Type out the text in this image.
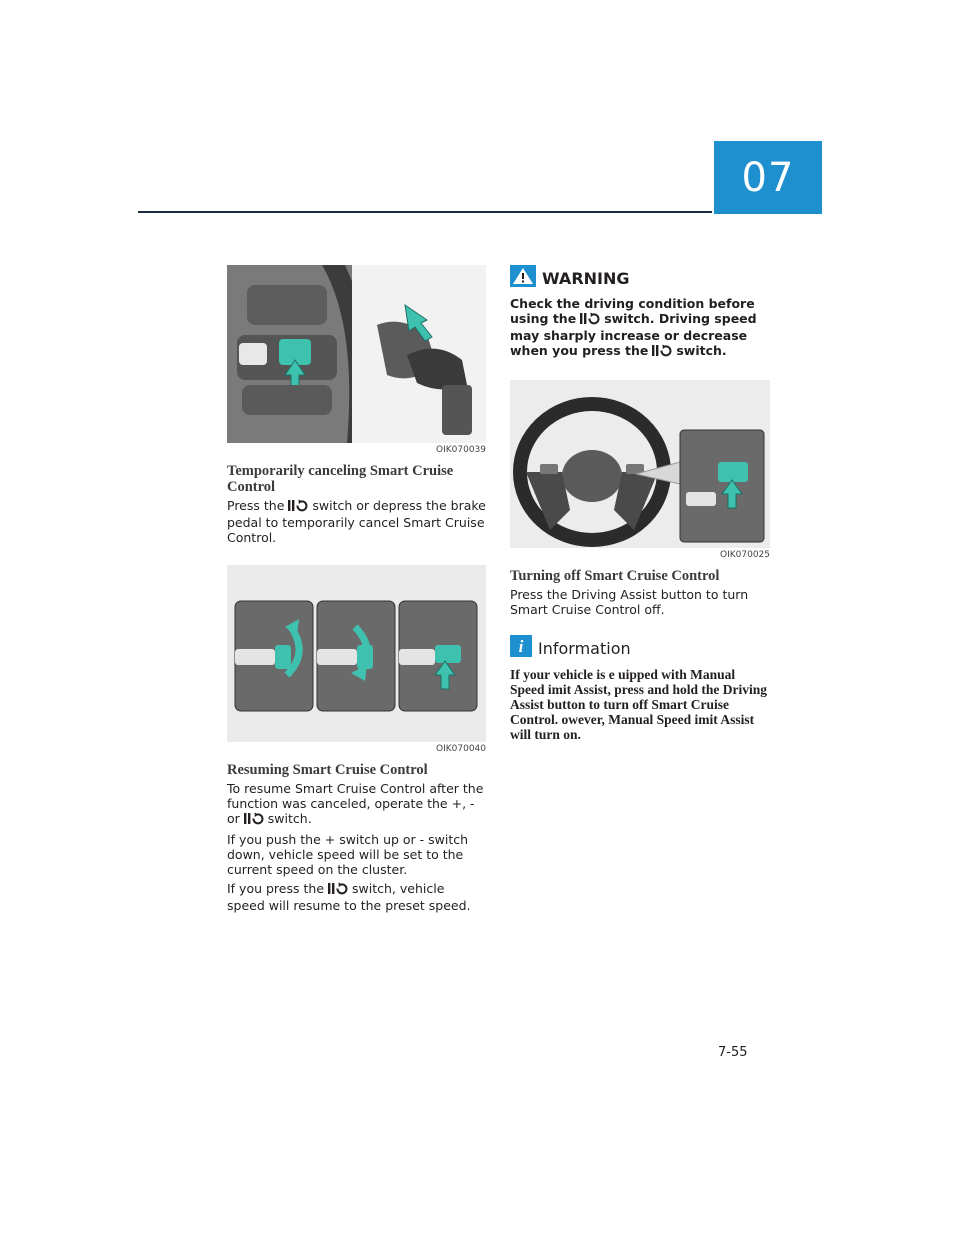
07
OIK070039
Temporarily canceling Smart Cruise Control

Press the switch or depress the brake pedal to temporarily cancel Smart Cruise Control.

OIK070040
Resuming Smart Cruise Control

To resume Smart Cruise Control after the function was canceled, operate the +, - or switch.

If you push the + switch up or - switch down, vehicle speed will be set to the current speed on the cluster.

If you press the switch, vehicle speed will resume to the preset speed.

WARNING

Check the driving condition before using the switch. Driving speed may sharply increase or decrease when you press the switch.

OIK070025
Turning off Smart Cruise Control

Press the Driving Assist button to turn Smart Cruise Control off.

i Information

If your vehicle is e uipped with Manual Speed imit Assist, press and hold the Driving Assist button to turn off Smart Cruise Control. owever, Manual Speed imit Assist will turn on.

7-55
